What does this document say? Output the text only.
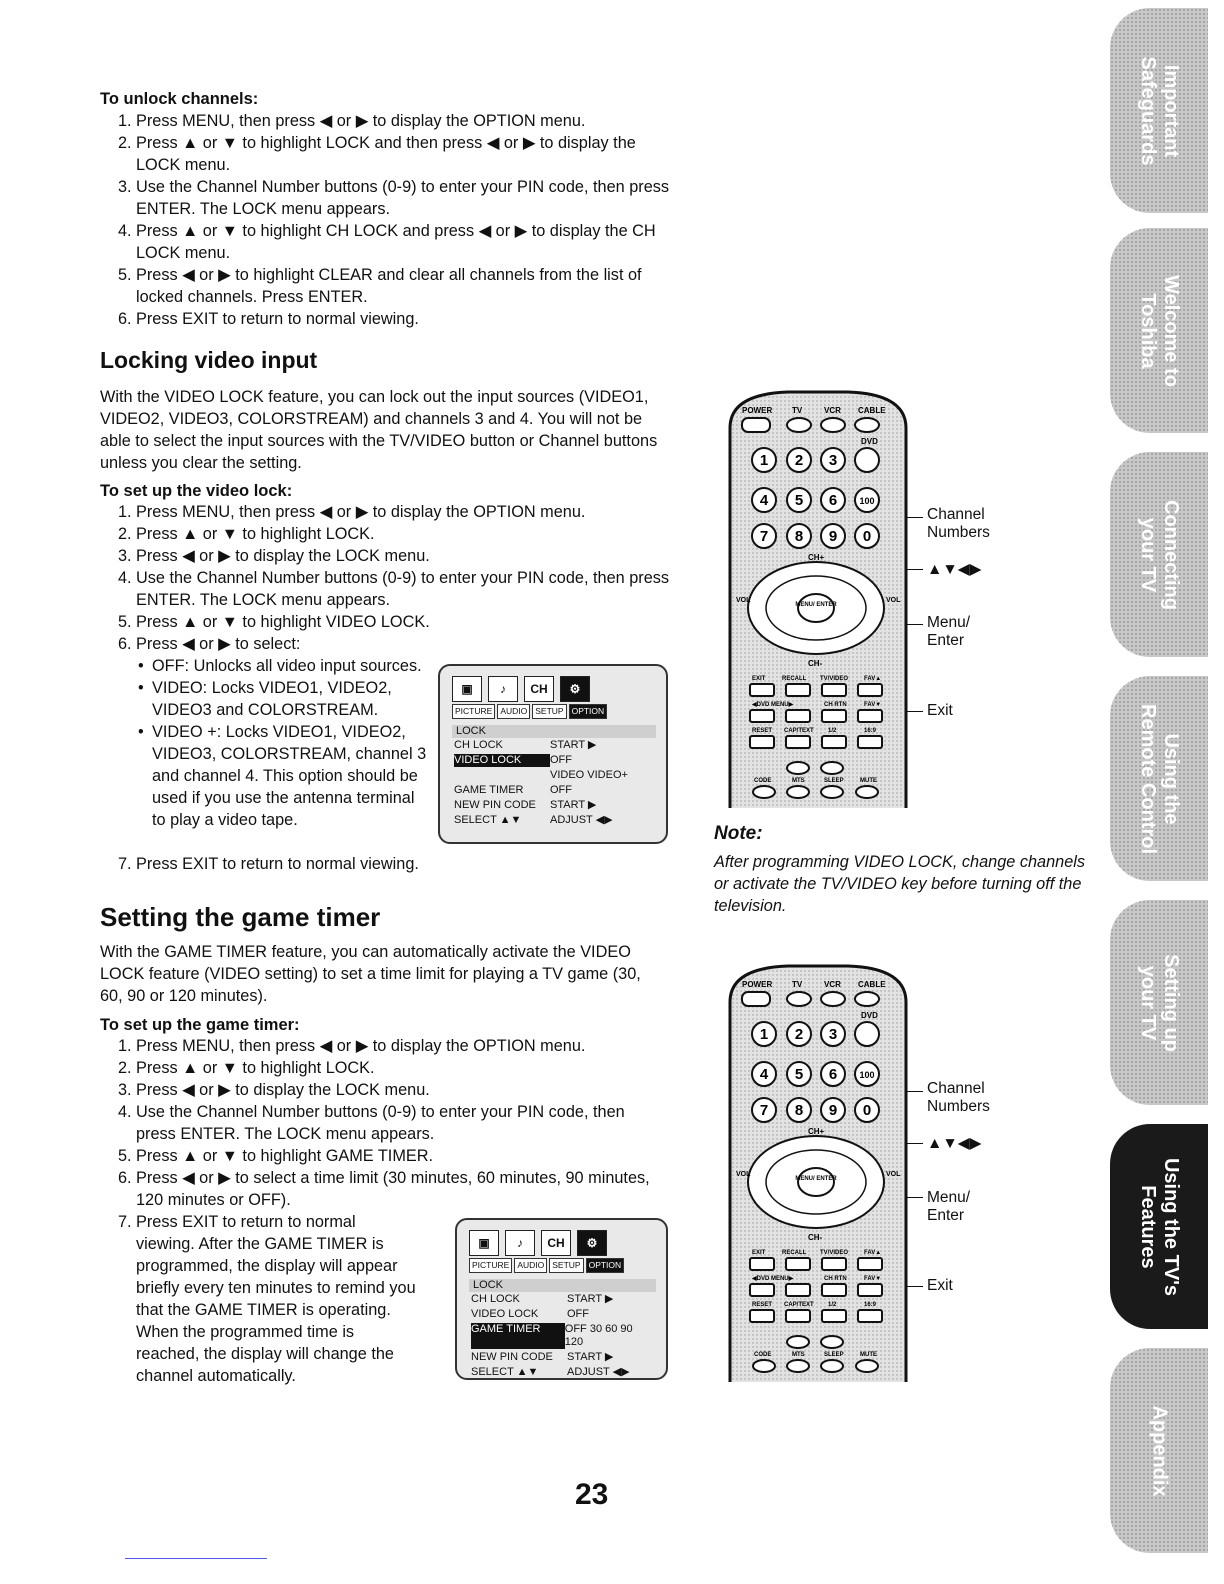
To unlock channels:
1. Press MENU, then press ◀ or ▶ to display the OPTION menu.
2. Press ▲ or ▼ to highlight LOCK and then press ◀ or ▶ to display the LOCK menu.
3. Use the Channel Number buttons (0-9) to enter your PIN code, then press ENTER. The LOCK menu appears.
4. Press ▲ or ▼ to highlight CH LOCK and press ◀ or ▶ to display the CH LOCK menu.
5. Press ◀ or ▶ to highlight CLEAR and clear all channels from the list of locked channels. Press ENTER.
6. Press EXIT to return to normal viewing.
Locking video input
With the VIDEO LOCK feature, you can lock out the input sources (VIDEO1, VIDEO2, VIDEO3, COLORSTREAM) and channels 3 and 4. You will not be able to select the input sources with the TV/VIDEO button or Channel buttons unless you clear the setting.
To set up the video lock:
1. Press MENU, then press ◀ or ▶ to display the OPTION menu.
2. Press ▲ or ▼ to highlight LOCK.
3. Press ◀ or ▶ to display the LOCK menu.
4. Use the Channel Number buttons (0-9) to enter your PIN code, then press ENTER. The LOCK menu appears.
5. Press ▲ or ▼ to highlight VIDEO LOCK.
6. Press ◀ or ▶ to select:
• OFF: Unlocks all video input sources.
• VIDEO: Locks VIDEO1, VIDEO2, VIDEO3 and COLORSTREAM.
• VIDEO +: Locks VIDEO1, VIDEO2, VIDEO3, COLORSTREAM, channel 3 and channel 4. This option should be used if you use the antenna terminal to play a video tape.
7. Press EXIT to return to normal viewing.
▣	♪	CH	⚙
PICTURE AUDIO SETUP OPTION
LOCK
CH LOCK	START ▶
VIDEO LOCK	OFF
VIDEO VIDEO+
GAME TIMER	OFF
NEW PIN CODE	START ▶
SELECT ▲▼	ADJUST ◀▶
Setting the game timer
With the GAME TIMER feature, you can automatically activate the VIDEO LOCK feature (VIDEO setting) to set a time limit for playing a TV game (30, 60, 90 or 120 minutes).
To set up the game timer:
1. Press MENU, then press ◀ or ▶ to display the OPTION menu.
2. Press ▲ or ▼ to highlight LOCK.
3. Press ◀ or ▶ to display the LOCK menu.
4. Use the Channel Number buttons (0-9) to enter your PIN code, then press ENTER. The LOCK menu appears.
5. Press ▲ or ▼ to highlight GAME TIMER.
6. Press ◀ or ▶ to select a time limit (30 minutes, 60 minutes, 90 minutes, 120 minutes or OFF).
7. Press EXIT to return to normal viewing. After the GAME TIMER is programmed, the display will appear briefly every ten minutes to remind you that the GAME TIMER is operating. When the programmed time is reached, the display will change the channel automatically.
▣	♪	CH	⚙
PICTURE AUDIO SETUP OPTION
LOCK
CH LOCK	START ▶
VIDEO LOCK	OFF
GAME TIMER	OFF 30 60 90 120
NEW PIN CODE	START ▶
SELECT ▲▼	ADJUST ◀▶
POWER TV	VCR CABLE
DVD
1 2 3
4 5 6 100
7 8 9 0
CH+
MENU/ ENTER
VOL	VOL
CH-
EXIT	RECALL TV/VIDEO	FAV▲
◀DVD MENU▶	CH RTN	FAV▼
RESET CAP/TEXT 1/2	16:9
CODE	MTS	SLEEP	MUTE
Channel Numbers
▲▼◀▶
Menu/ Enter
Exit
Note:
After programming VIDEO LOCK, change channels or activate the TV/VIDEO key before turning off the television.
POWER TV	VCR CABLE
DVD
1 2 3
4 5 6 100
7 8 9 0
CH+
MENU/ ENTER
VOL	VOL
CH-
EXIT	RECALL TV/VIDEO	FAV▲
◀DVD MENU▶	CH RTN	FAV▼
RESET CAP/TEXT 1/2	16:9
CODE	MTS	SLEEP	MUTE
Channel Numbers
▲▼◀▶
Menu/ Enter
Exit
23
Important
Safeguards
Welcome to
Toshiba
Connecting
your TV
Using the
Remote Control
Setting up
your TV
Using the TV's
Features
Appendix
